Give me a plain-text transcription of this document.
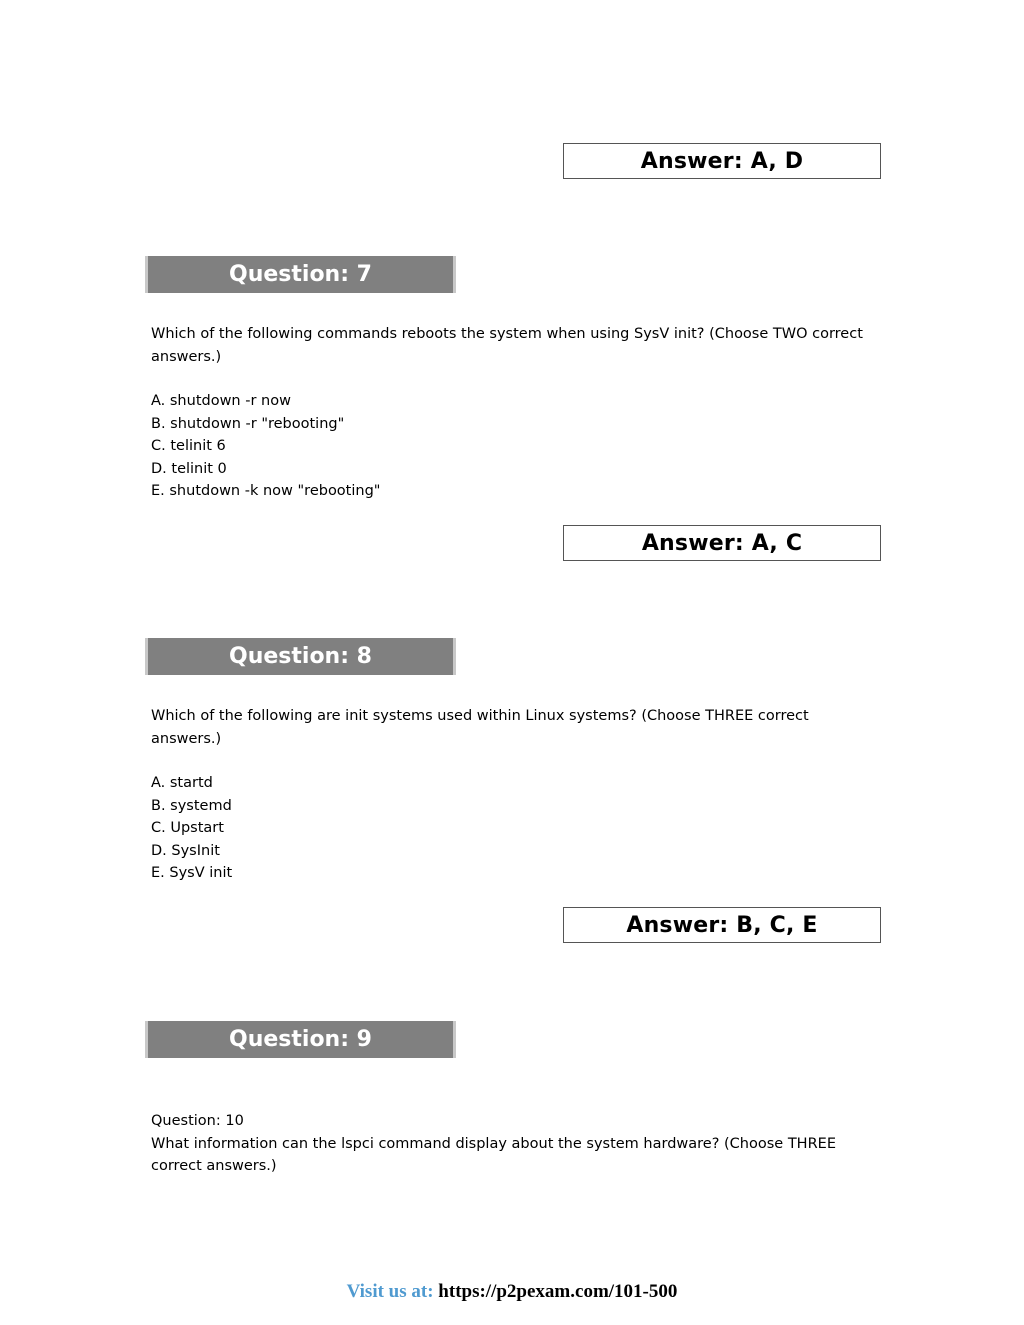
Answer: A, D
Question: 7

Which of the following commands reboots the system when using SysV init? (Choose TWO correct answers.)

A. shutdown -r now
B. shutdown -r "rebooting"
C. telinit 6
D. telinit 0
E. shutdown -k now "rebooting"
Answer: A, C
Question: 8

Which of the following are init systems used within Linux systems? (Choose THREE correct answers.)

A. startd
B. systemd
C. Upstart
D. SysInit
E. SysV init
Answer: B, C, E
Question: 9

Question: 10

What information can the lspci command display about the system hardware? (Choose THREE correct answers.)

Visit us at: https://p2pexam.com/101-500
